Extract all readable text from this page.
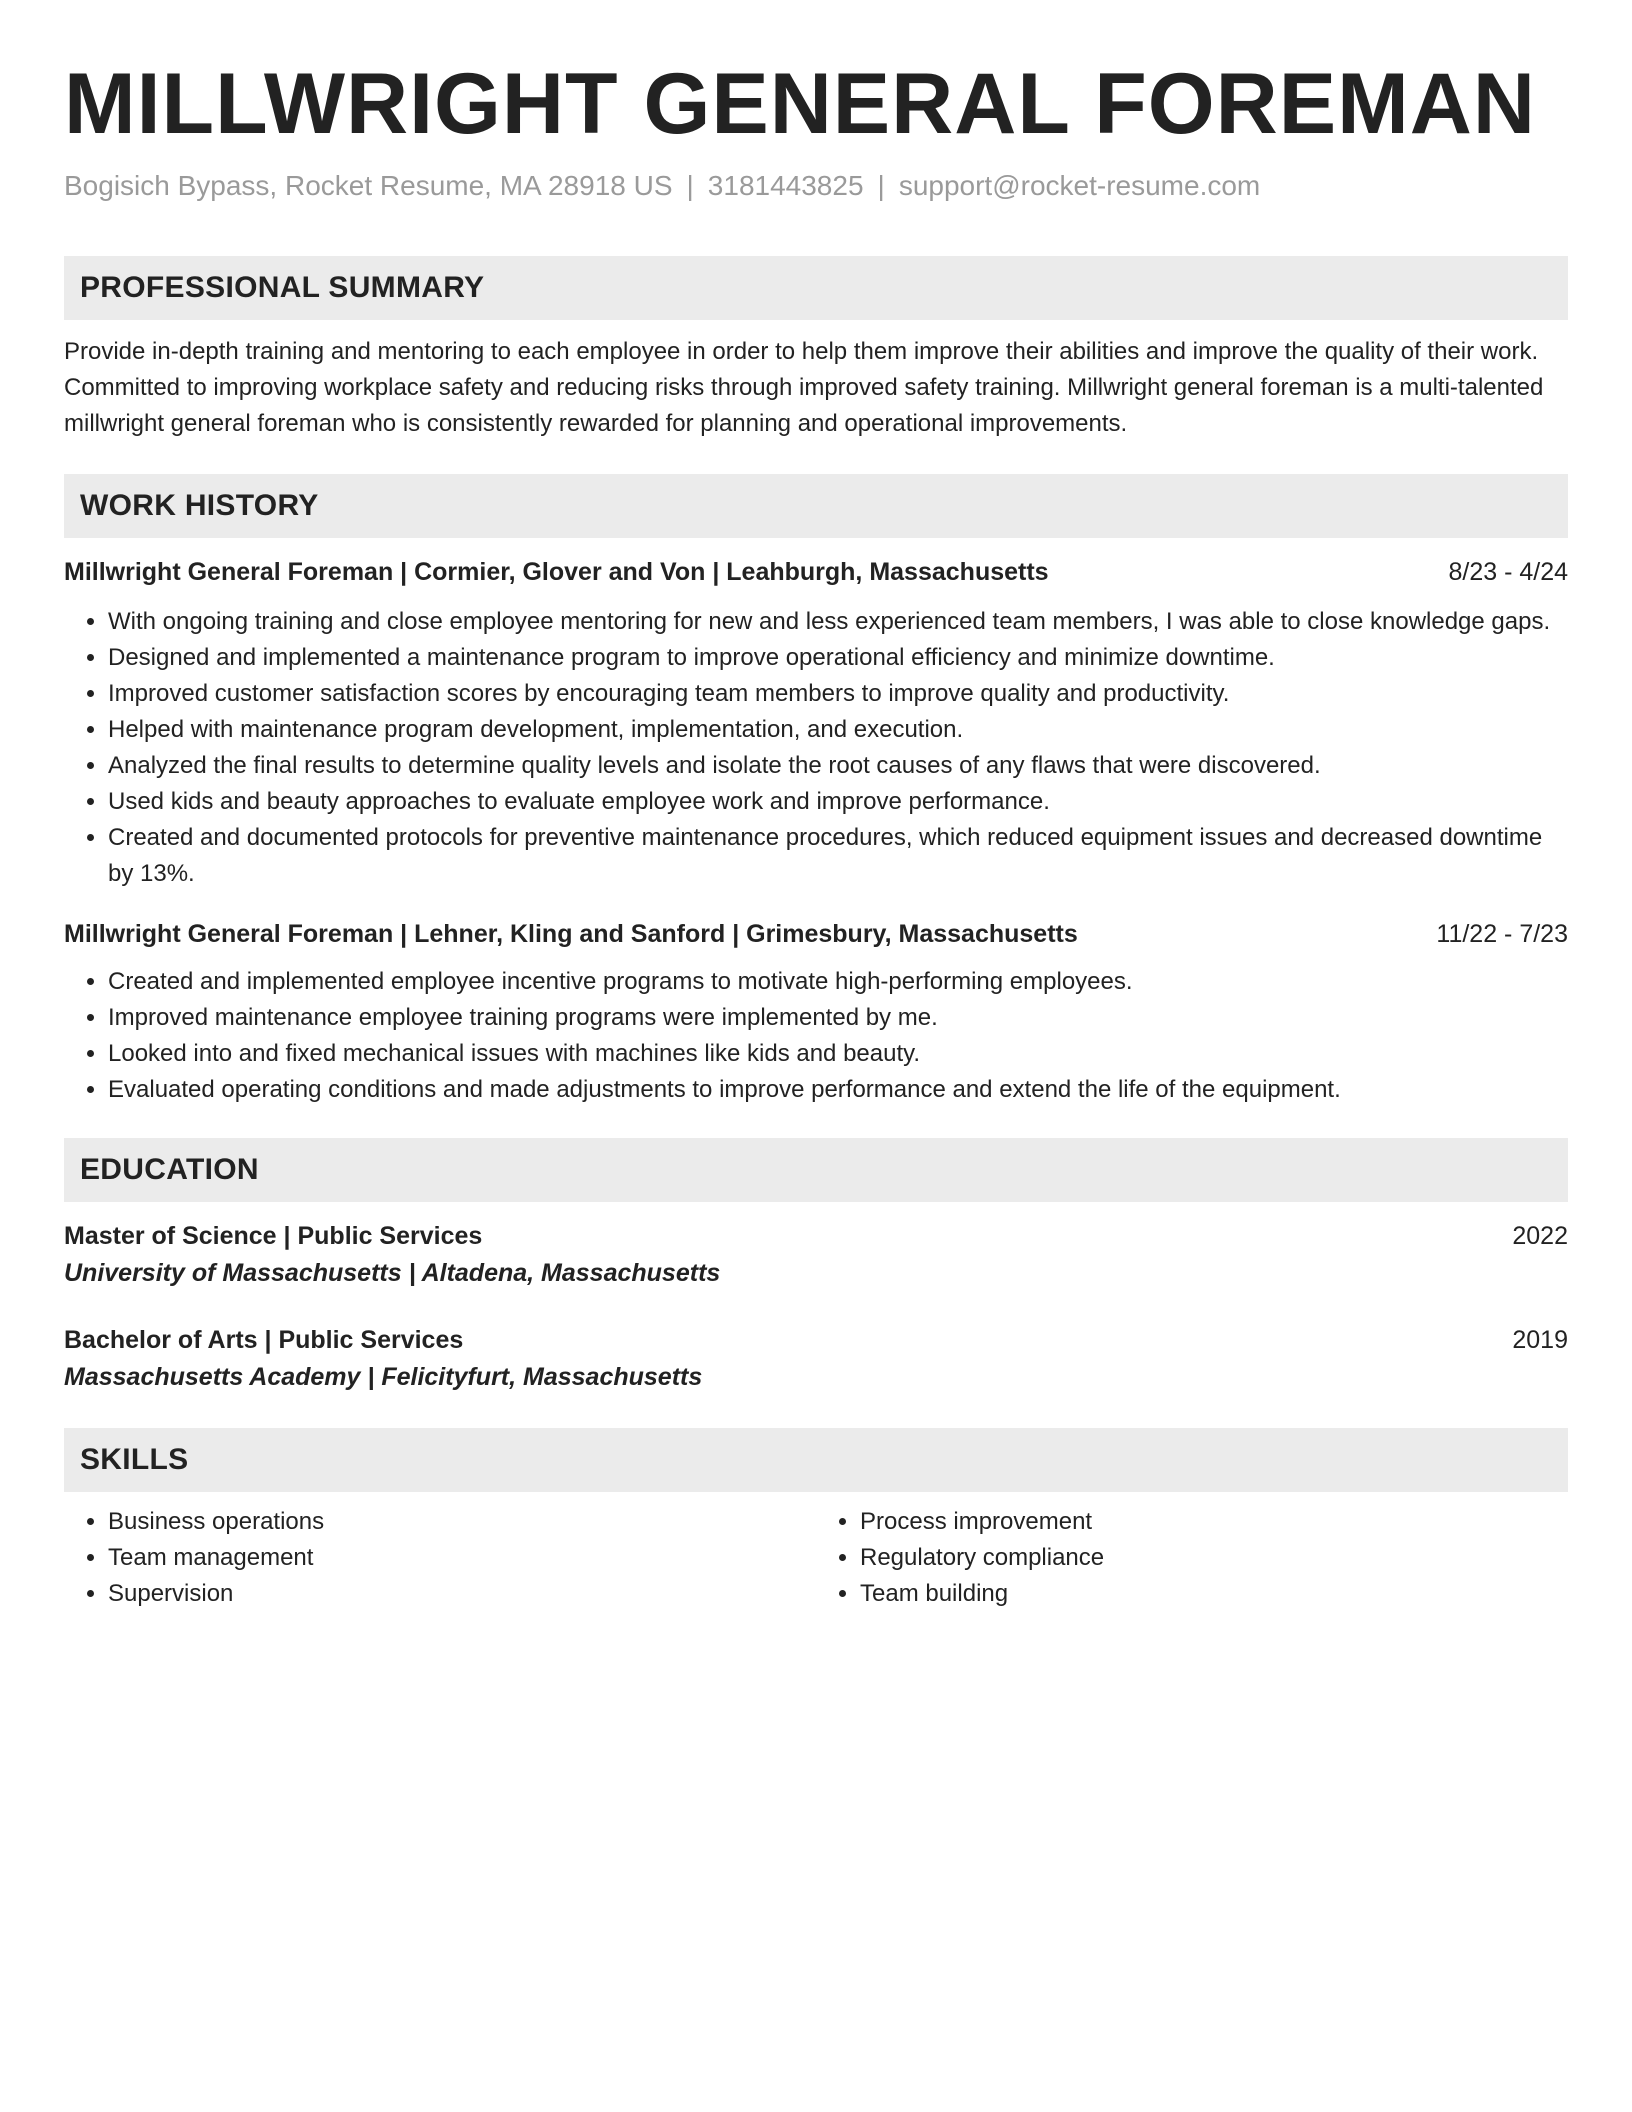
MILLWRIGHT GENERAL FOREMAN
Bogisich Bypass, Rocket Resume, MA 28918 US | 3181443825 | support@rocket-resume.com
PROFESSIONAL SUMMARY
Provide in-depth training and mentoring to each employee in order to help them improve their abilities and improve the quality of their work. Committed to improving workplace safety and reducing risks through improved safety training. Millwright general foreman is a multi-talented millwright general foreman who is consistently rewarded for planning and operational improvements.
WORK HISTORY
Millwright General Foreman | Cormier, Glover and Von | Leahburgh, Massachusetts	8/23 - 4/24
• With ongoing training and close employee mentoring for new and less experienced team members, I was able to close knowledge gaps.
• Designed and implemented a maintenance program to improve operational efficiency and minimize downtime.
• Improved customer satisfaction scores by encouraging team members to improve quality and productivity.
• Helped with maintenance program development, implementation, and execution.
• Analyzed the final results to determine quality levels and isolate the root causes of any flaws that were discovered.
• Used kids and beauty approaches to evaluate employee work and improve performance.
• Created and documented protocols for preventive maintenance procedures, which reduced equipment issues and decreased downtime by 13%.
Millwright General Foreman | Lehner, Kling and Sanford | Grimesbury, Massachusetts	11/22 - 7/23
• Created and implemented employee incentive programs to motivate high-performing employees.
• Improved maintenance employee training programs were implemented by me.
• Looked into and fixed mechanical issues with machines like kids and beauty.
• Evaluated operating conditions and made adjustments to improve performance and extend the life of the equipment.
EDUCATION
Master of Science | Public Services	2022
University of Massachusetts | Altadena, Massachusetts
Bachelor of Arts | Public Services	2019
Massachusetts Academy | Felicityfurt, Massachusetts
SKILLS
• Business operations
• Team management
• Supervision
• Process improvement
• Regulatory compliance
• Team building
